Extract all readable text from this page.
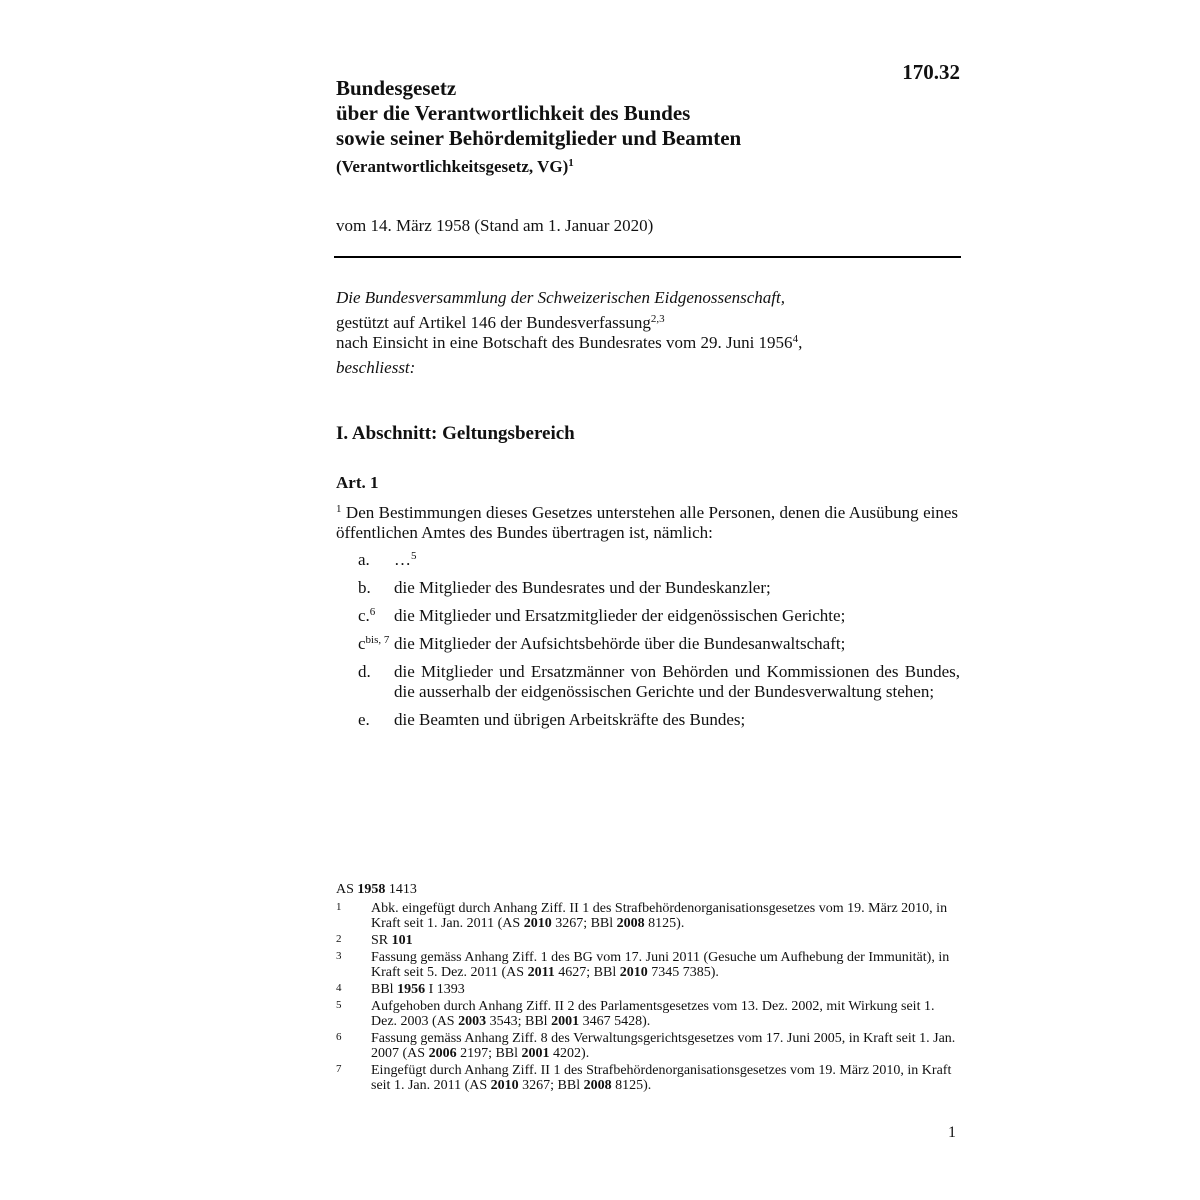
170.32
Bundesgesetz
über die Verantwortlichkeit des Bundes
sowie seiner Behördemitglieder und Beamten
(Verantwortlichkeitsgesetz, VG)$^1$
vom 14. März 1958 (Stand am 1. Januar 2020)
Die Bundesversammlung der Schweizerischen Eidgenossenschaft,
gestützt auf Artikel 146 der Bundesverfassung$^{2,3}$
nach Einsicht in eine Botschaft des Bundesrates vom 29. Juni 1956$^4$,
beschliesst:
I. Abschnitt: Geltungsbereich
Art. 1
$^1$ Den Bestimmungen dieses Gesetzes unterstehen alle Personen, denen die Ausübung eines öffentlichen Amtes des Bundes übertragen ist, nämlich:
a.	…$^5$
b.	die Mitglieder des Bundesrates und der Bundeskanzler;
c.$^6$	die Mitglieder und Ersatzmitglieder der eidgenössischen Gerichte;
$c^{bis, 7}$ die Mitglieder der Aufsichtsbehörde über die Bundesanwaltschaft;
d.	die Mitglieder und Ersatzmänner von Behörden und Kommissionen des Bundes, die ausserhalb der eidgenössischen Gerichte und der Bundesverwaltung stehen;
e.	die Beamten und übrigen Arbeitskräfte des Bundes;
AS 1958 1413
1	Abk. eingefügt durch Anhang Ziff. II 1 des Strafbehördenorganisationsgesetzes vom 19. März 2010, in Kraft seit 1. Jan. 2011 (AS 2010 3267; BBl 2008 8125).
2	SR 101
3	Fassung gemäss Anhang Ziff. 1 des BG vom 17. Juni 2011 (Gesuche um Aufhebung der Immunität), in Kraft seit 5. Dez. 2011 (AS 2011 4627; BBl 2010 7345 7385).
4	BBl 1956 I 1393
5	Aufgehoben durch Anhang Ziff. II 2 des Parlamentsgesetzes vom 13. Dez. 2002, mit Wirkung seit 1. Dez. 2003 (AS 2003 3543; BBl 2001 3467 5428).
6	Fassung gemäss Anhang Ziff. 8 des Verwaltungsgerichtsgesetzes vom 17. Juni 2005, in Kraft seit 1. Jan. 2007 (AS 2006 2197; BBl 2001 4202).
7	Eingefügt durch Anhang Ziff. II 1 des Strafbehördenorganisationsgesetzes vom 19. März 2010, in Kraft seit 1. Jan. 2011 (AS 2010 3267; BBl 2008 8125).
1
